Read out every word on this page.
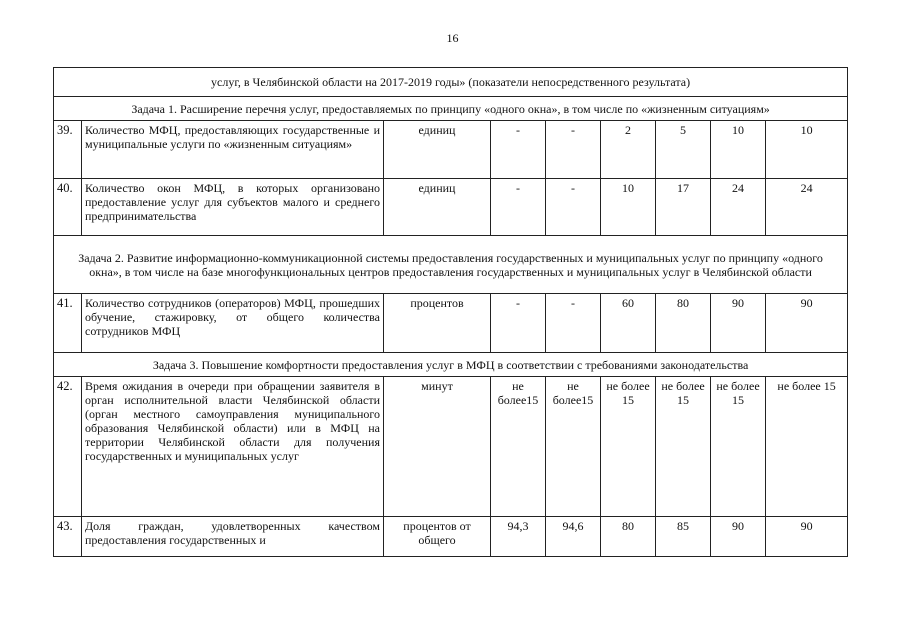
16
услуг, в Челябинской области на 2017-2019 годы» (показатели непосредственного результата)								
Задача 1. Расширение перечня услуг, предоставляемых по принципу «одного окна», в том числе по «жизненным ситуациям»								
39.	Количество МФЦ, предоставляющих государственные и муниципальные услуги по «жизненным ситуациям»	единиц	-	-	2	5	10	10
40.	Количество окон МФЦ, в которых организовано предоставление услуг для субъектов малого и среднего предпринимательства	единиц	-	-	10	17	24	24
Задача 2. Развитие информационно-коммуникационной системы предоставления государственных и муниципальных услуг по принципу «одного окна», в том числе на базе многофункциональных центров предоставления государственных и муниципальных услуг в Челябинской области								
41.	Количество сотрудников (операторов) МФЦ, прошедших обучение, стажировку, от общего количества сотрудников МФЦ	процентов	-	-	60	80	90	90
Задача 3. Повышение комфортности предоставления услуг в МФЦ в соответствии с требованиями законодательства								
42.	Время ожидания в очереди при обращении заявителя в орган исполнительной власти Челябинской области (орган местного самоуправления муниципального образования Челябинской области) или в МФЦ на территории Челябинской области для получения государственных и муниципальных услуг	минут	не более15	не более15	не более 15	не более 15	не более 15	не более 15
43.	Доля граждан, удовлетворенных качеством предоставления государственных и	процентов от общего	94,3	94,6	80	85	90	90
